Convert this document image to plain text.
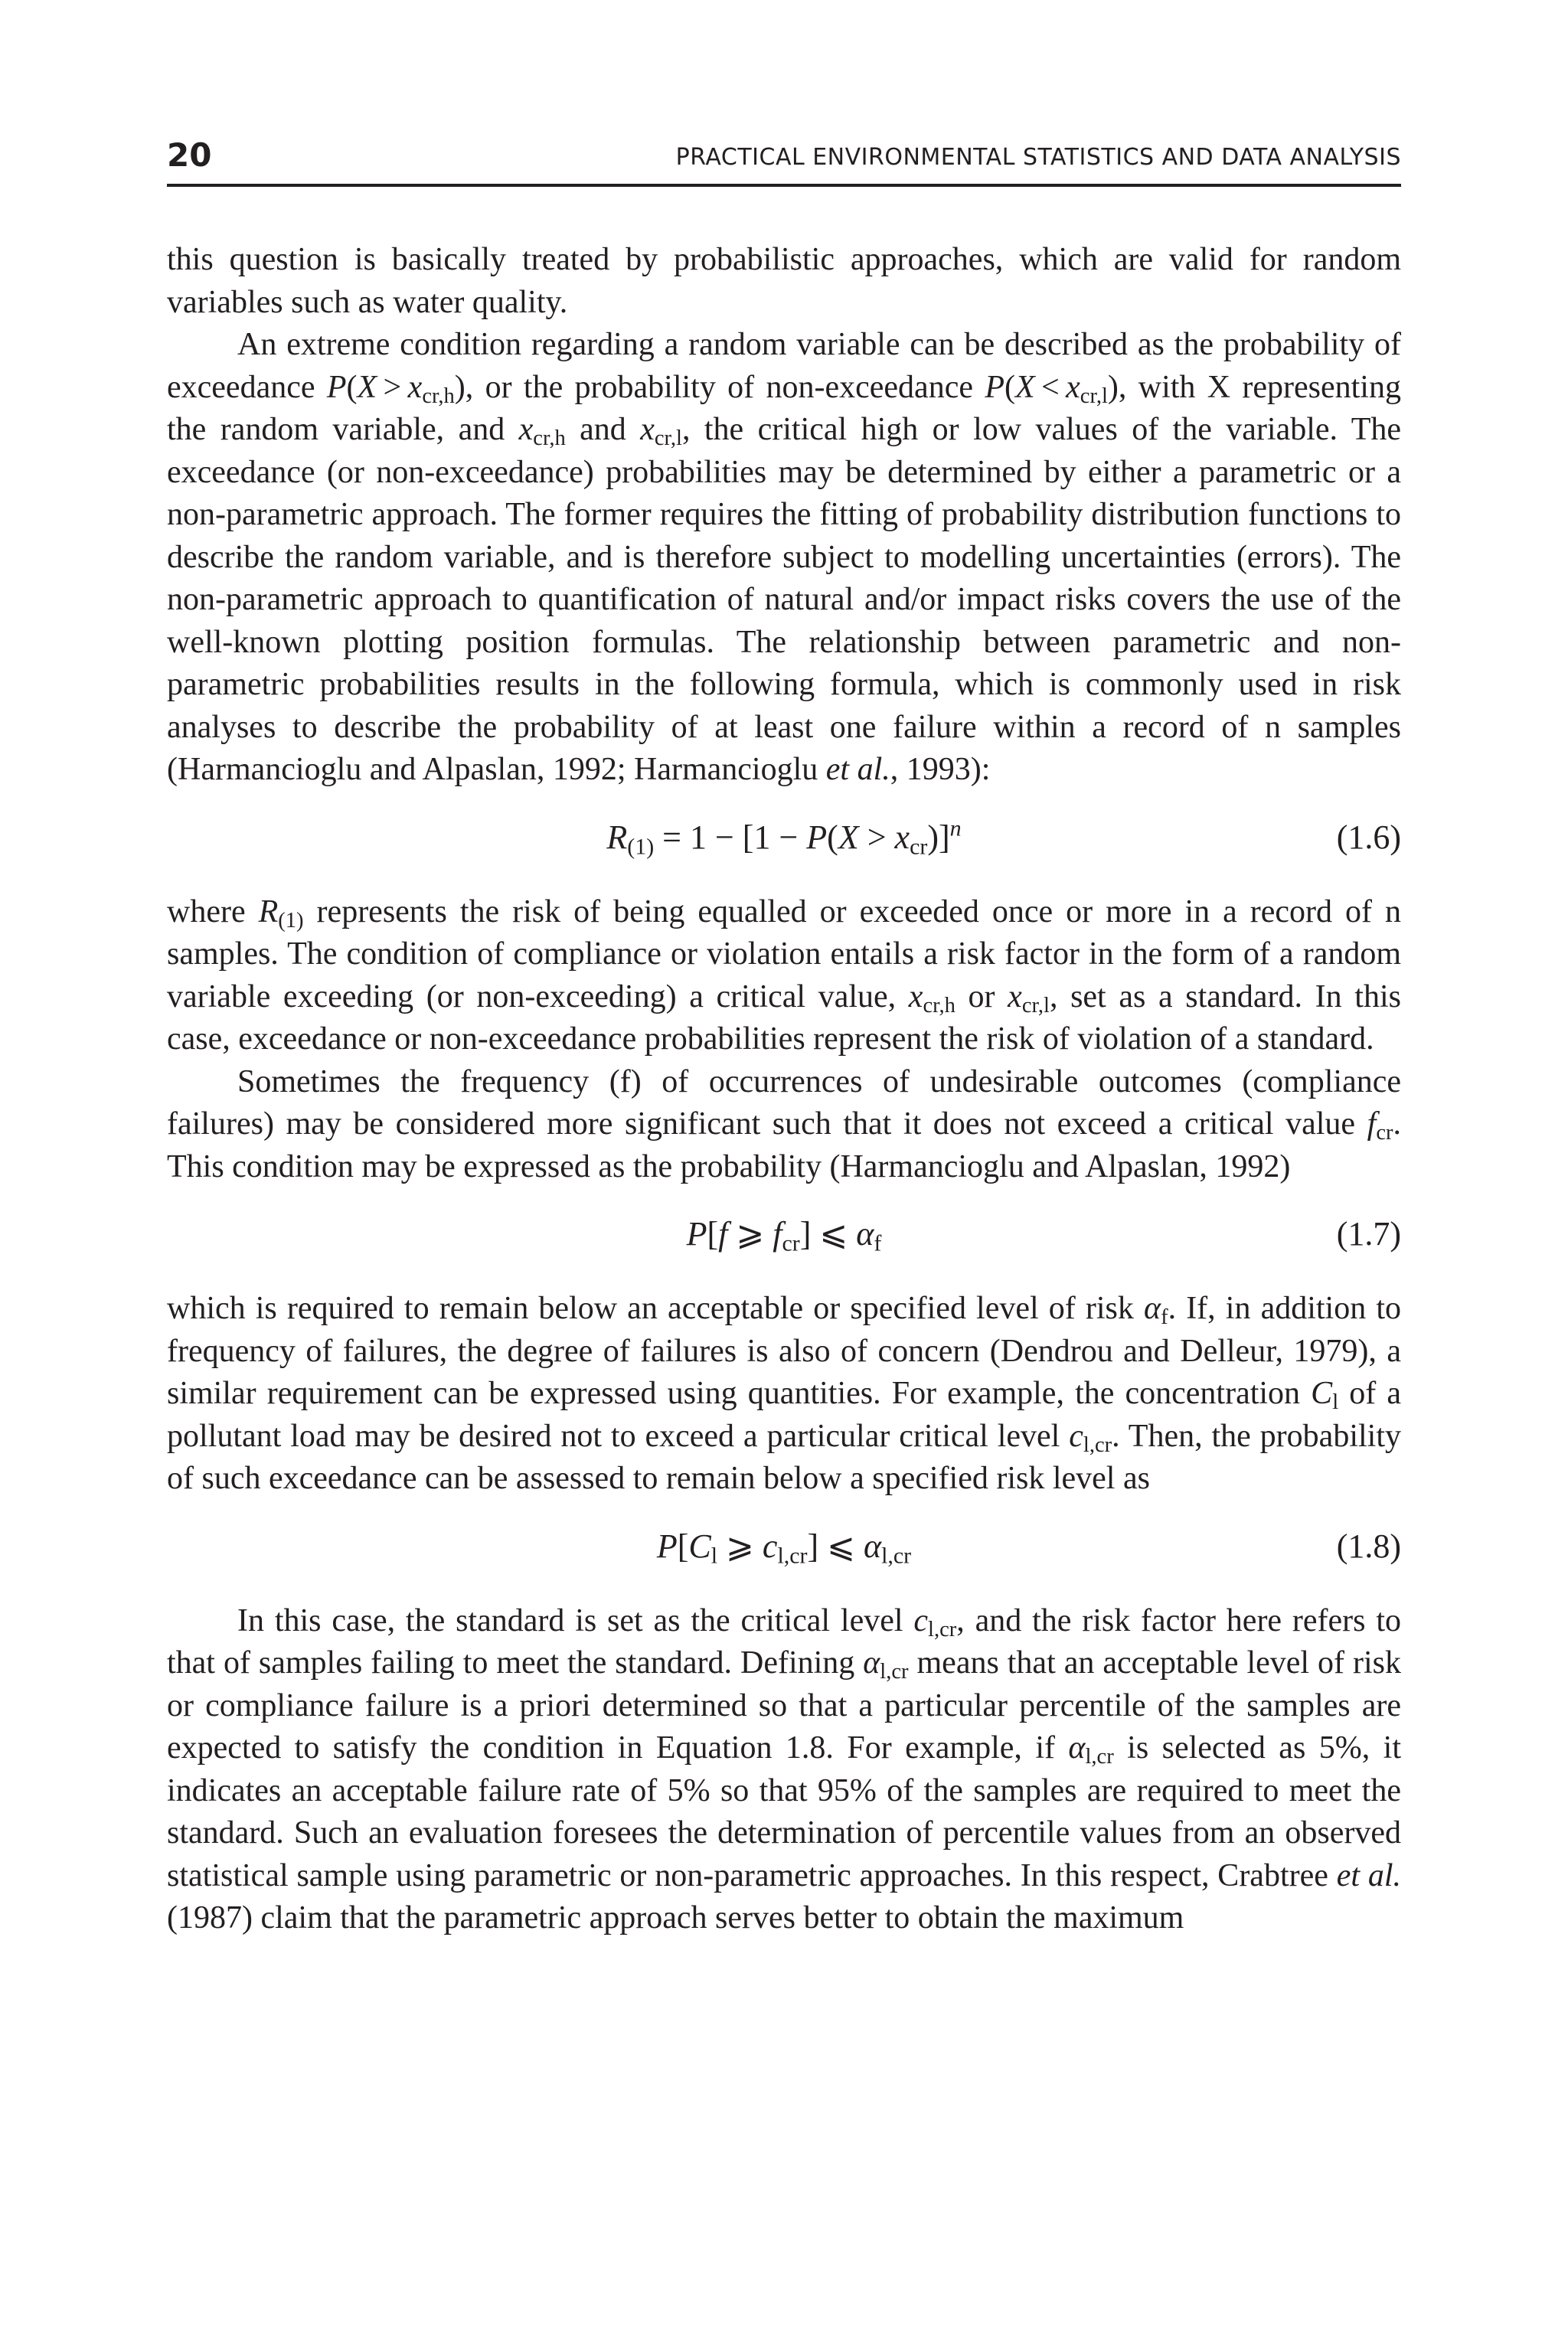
20	PRACTICAL ENVIRONMENTAL STATISTICS AND DATA ANALYSIS

this question is basically treated by probabilistic approaches, which are valid for random variables such as water quality.

An extreme condition regarding a random variable can be described as the probability of exceedance $P(X > x_{cr,h})$, or the probability of non-exceedance $P(X < x_{cr,l})$, with X representing the random variable, and $x_{cr,h}$ and $x_{cr,l}$, the critical high or low values of the variable. The exceedance (or non-exceedance) probabilities may be determined by either a parametric or a non-parametric approach. The former requires the fitting of probability distribution functions to describe the random variable, and is therefore subject to modelling uncertainties (errors). The non-parametric approach to quantification of natural and/or impact risks covers the use of the well-known plotting position formulas. The relationship between parametric and non-parametric probabilities results in the following formula, which is commonly used in risk analyses to describe the probability of at least one failure within a record of n samples (Harmancioglu and Alpaslan, 1992; Harmancioglu et al., 1993):

$R_{(1)} = 1 - [1 - P(X > x_{cr})]^n$	(1.6)

where $R_{(1)}$ represents the risk of being equalled or exceeded once or more in a record of n samples. The condition of compliance or violation entails a risk factor in the form of a random variable exceeding (or non-exceeding) a critical value, $x_{cr,h}$ or $x_{cr,l}$, set as a standard. In this case, exceedance or non-exceedance probabilities represent the risk of violation of a standard.

Sometimes the frequency (f) of occurrences of undesirable outcomes (compliance failures) may be considered more significant such that it does not exceed a critical value $f_{cr}$. This condition may be expressed as the probability (Harmancioglu and Alpaslan, 1992)

P[f ⩾ $f_{cr}$] ⩽ $\alpha_f$	(1.7)

which is required to remain below an acceptable or specified level of risk $\alpha_f$. If, in addition to frequency of failures, the degree of failures is also of concern (Dendrou and Delleur, 1979), a similar requirement can be expressed using quantities. For example, the concentration $C_l$ of a pollutant load may be desired not to exceed a particular critical level $c_{l,cr}$. Then, the probability of such exceedance can be assessed to remain below a specified risk level as

$P[C_l$ ⩾ $c_{l,cr}$] ⩽ $\alpha_{l,cr}$	(1.8)

In this case, the standard is set as the critical level $c_{l,cr}$, and the risk factor here refers to that of samples failing to meet the standard. Defining $\alpha_{l,cr}$ means that an acceptable level of risk or compliance failure is a priori determined so that a particular percentile of the samples are expected to satisfy the condition in Equation 1.8. For example, if $\alpha_{l,cr}$ is selected as 5%, it indicates an acceptable failure rate of 5% so that 95% of the samples are required to meet the standard. Such an evaluation foresees the determination of percentile values from an observed statistical sample using parametric or non-parametric approaches. In this respect, Crabtree et al. (1987) claim that the parametric approach serves better to obtain the maximum
